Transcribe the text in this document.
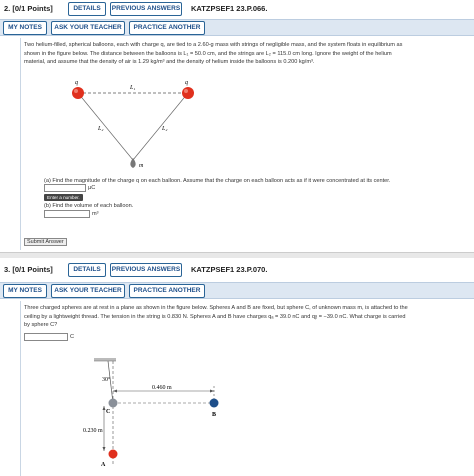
2. [0/1 Points]	DETAILS	PREVIOUS ANSWERS KATZPSEF1 23.P.066.
MY NOTES	ASK YOUR TEACHER	PRACTICE ANOTHER
Two helium-filled, spherical balloons, each with charge q, are tied to a 2.60-g mass with strings of negligible mass, and the system floats in equilibrium as
shown in the figure below. The distance between the balloons is L₁ = 50.0 cm, and the strings are L₂ = 115.0 cm long. Ignore the weight of the helium
material, and assume that the density of air is 1.29 kg/m³ and the density of helium inside the balloons is 0.200 kg/m³.
q	q
L₁
L₂	L₂
m
(a) Find the magnitude of the charge q on each balloon. Assume that the charge on each balloon acts as if it were concentrated at its center.
µC
Enter a number.
(b) Find the volume of each balloon.
m³
Submit Answer
3. [0/1 Points]	DETAILS	PREVIOUS ANSWERS KATZPSEF1 23.P.070.
MY NOTES	ASK YOUR TEACHER	PRACTICE ANOTHER
Three charged spheres are at rest in a plane as shown in the figure below. Spheres A and B are fixed, but sphere C, of unknown mass m, is attached to the
ceiling by a lightweight thread. The tension in the string is 0.830 N. Spheres A and B have charges qₐ = 39.0 nC and qᵦ = −39.0 nC. What charge is carried
by sphere C?
C
30°
0.460 m
0.230 m
C	B
A
